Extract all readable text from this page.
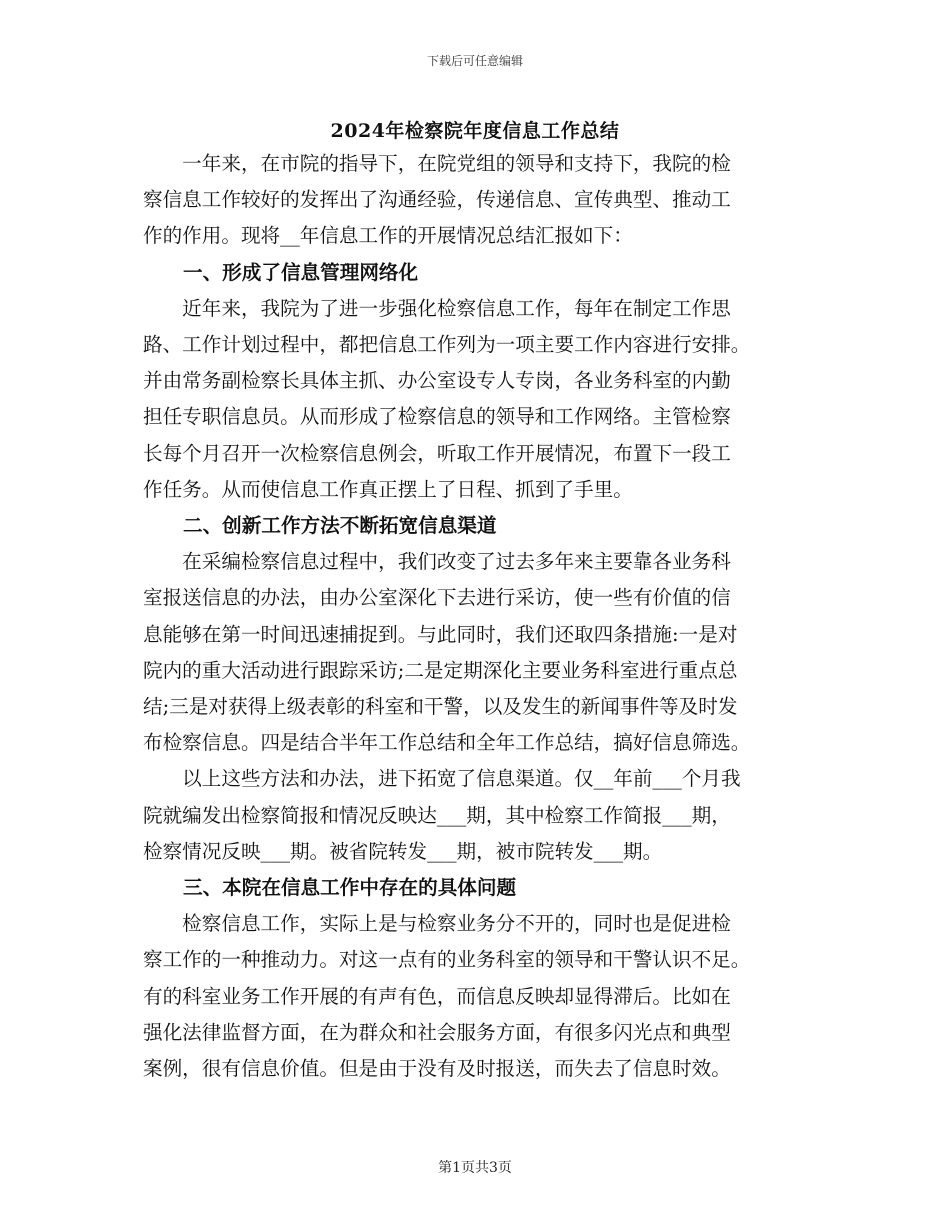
下载后可任意编辑
2024年检察院年度信息工作总结
　　一年来，在市院的指导下，在院党组的领导和支持下，我院的检
察信息工作较好的发挥出了沟通经验，传递信息、宣传典型、推动工
作的作用。现将__年信息工作的开展情况总结汇报如下：
一、形成了信息管理网络化
　　近年来，我院为了进一步强化检察信息工作，每年在制定工作思
路、工作计划过程中，都把信息工作列为一项主要工作内容进行安排。
并由常务副检察长具体主抓、办公室设专人专岗，各业务科室的内勤
担任专职信息员。从而形成了检察信息的领导和工作网络。主管检察
长每个月召开一次检察信息例会，听取工作开展情况，布置下一段工
作任务。从而使信息工作真正摆上了日程、抓到了手里。
二、创新工作方法不断拓宽信息渠道
　　在采编检察信息过程中，我们改变了过去多年来主要靠各业务科
室报送信息的办法，由办公室深化下去进行采访，使一些有价值的信
息能够在第一时间迅速捕捉到。与此同时，我们还取四条措施:一是对
院内的重大活动进行跟踪采访;二是定期深化主要业务科室进行重点总
结;三是对获得上级表彰的科室和干警，以及发生的新闻事件等及时发
布检察信息。四是结合半年工作总结和全年工作总结，搞好信息筛选。
　　以上这些方法和办法，进下拓宽了信息渠道。仅__年前___个月我
院就编发出检察简报和情况反映达___期，其中检察工作简报___期，
检察情况反映___期。被省院转发___期，被市院转发___期。
三、本院在信息工作中存在的具体问题
　　检察信息工作，实际上是与检察业务分不开的，同时也是促进检
察工作的一种推动力。对这一点有的业务科室的领导和干警认识不足。
有的科室业务工作开展的有声有色，而信息反映却显得滞后。比如在
强化法律监督方面，在为群众和社会服务方面，有很多闪光点和典型
案例，很有信息价值。但是由于没有及时报送，而失去了信息时效。
第1页共3页
